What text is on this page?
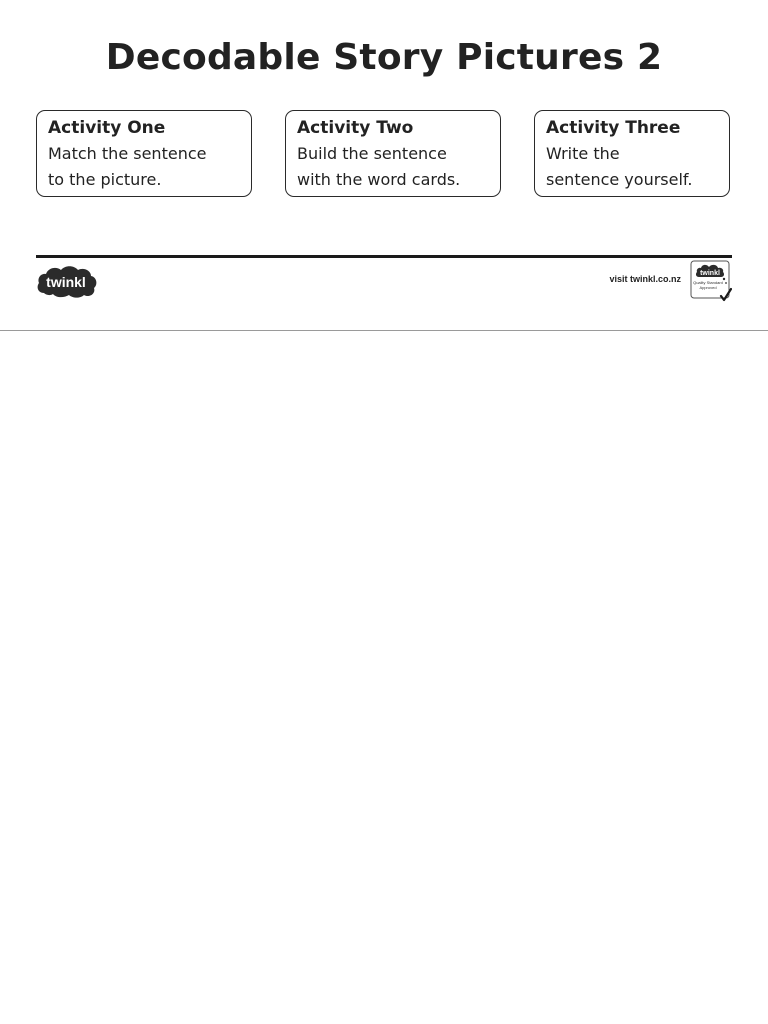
Decodable Story Pictures 2
Activity One
Match the sentence
to the picture.
Activity Two
Build the sentence
with the word cards.
Activity Three
Write the
sentence yourself.
twinkl	visit twinkl.co.nz
twinkl
Quality Standard Approved
